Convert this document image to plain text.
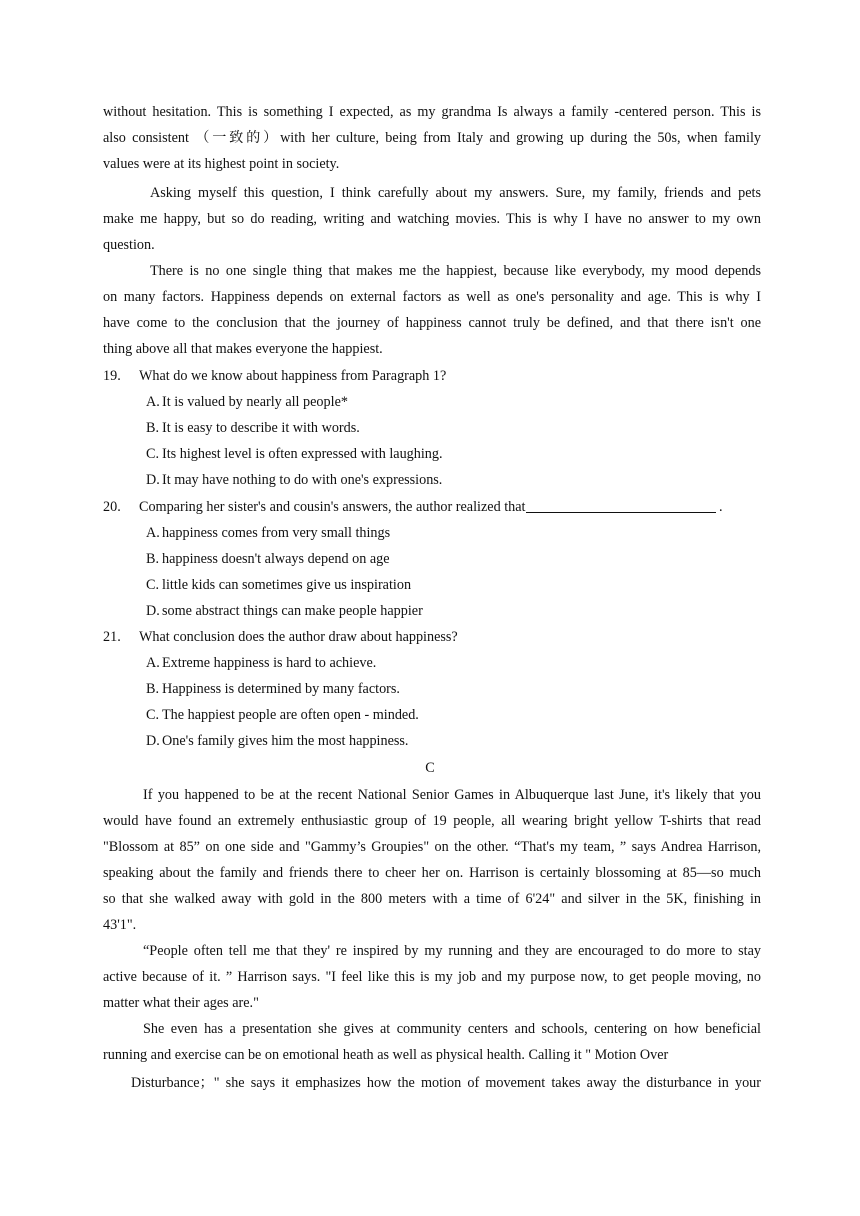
without hesitation. This is something I expected, as my grandma Is always a family -centered person. This is
also consistent （一致的）with her culture, being from Italy and growing up during the 50s, when family
values were at its highest point in society.

Asking myself this question, I think carefully about my answers. Sure, my family, friends and pets
make me happy, but so do reading, writing and watching movies. This is why I have no answer to my own
question.

There is no one single thing that makes me the happiest, because like everybody, my mood depends
on many factors. Happiness depends on external factors as well as one's personality and age. This is why I
have come to the conclusion that the journey of happiness cannot truly be defined, and that there isn't one
thing above all that makes everyone the happiest.

19. What do we know about happiness from Paragraph 1?

A. It is valued by nearly all people*

B. It is easy to describe it with words.

C. Its highest level is often expressed with laughing.

D. It may have nothing to do with one's expressions.

20. Comparing her sister's and cousin's answers, the author realized that	.

A. happiness comes from very small things

B. happiness doesn't always depend on age

C. little kids can sometimes give us inspiration

D. some abstract things can make people happier

21. What conclusion does the author draw about happiness?

A. Extreme happiness is hard to achieve.

B. Happiness is determined by many factors.

C. The happiest people are often open - minded.

D. One's family gives him the most happiness.

C

If you happened to be at the recent National Senior Games in Albuquerque last June, it's likely that you
would have found an extremely enthusiastic group of 19 people, all wearing bright yellow T-shirts that read
"Blossom at 85” on one side and "Gammy’s Groupies" on the other. “That's my team, ” says Andrea Harrison,
speaking about the family and friends there to cheer her on. Harrison is certainly blossoming at 85—so much
so that she walked away with gold in the 800 meters with a time of 6'24" and silver in the 5K, finishing in
43'1".

“People often tell me that they' re inspired by my running and they are encouraged to do more to stay
active because of it. ” Harrison says. "I feel like this is my job and my purpose now, to get people moving, no
matter what their ages are."

She even has a presentation she gives at community centers and schools, centering on how beneficial
running and exercise can be on emotional heath as well as physical health. Calling it " Motion Over

Disturbance；" she says it emphasizes how the motion of movement takes away the disturbance in your
